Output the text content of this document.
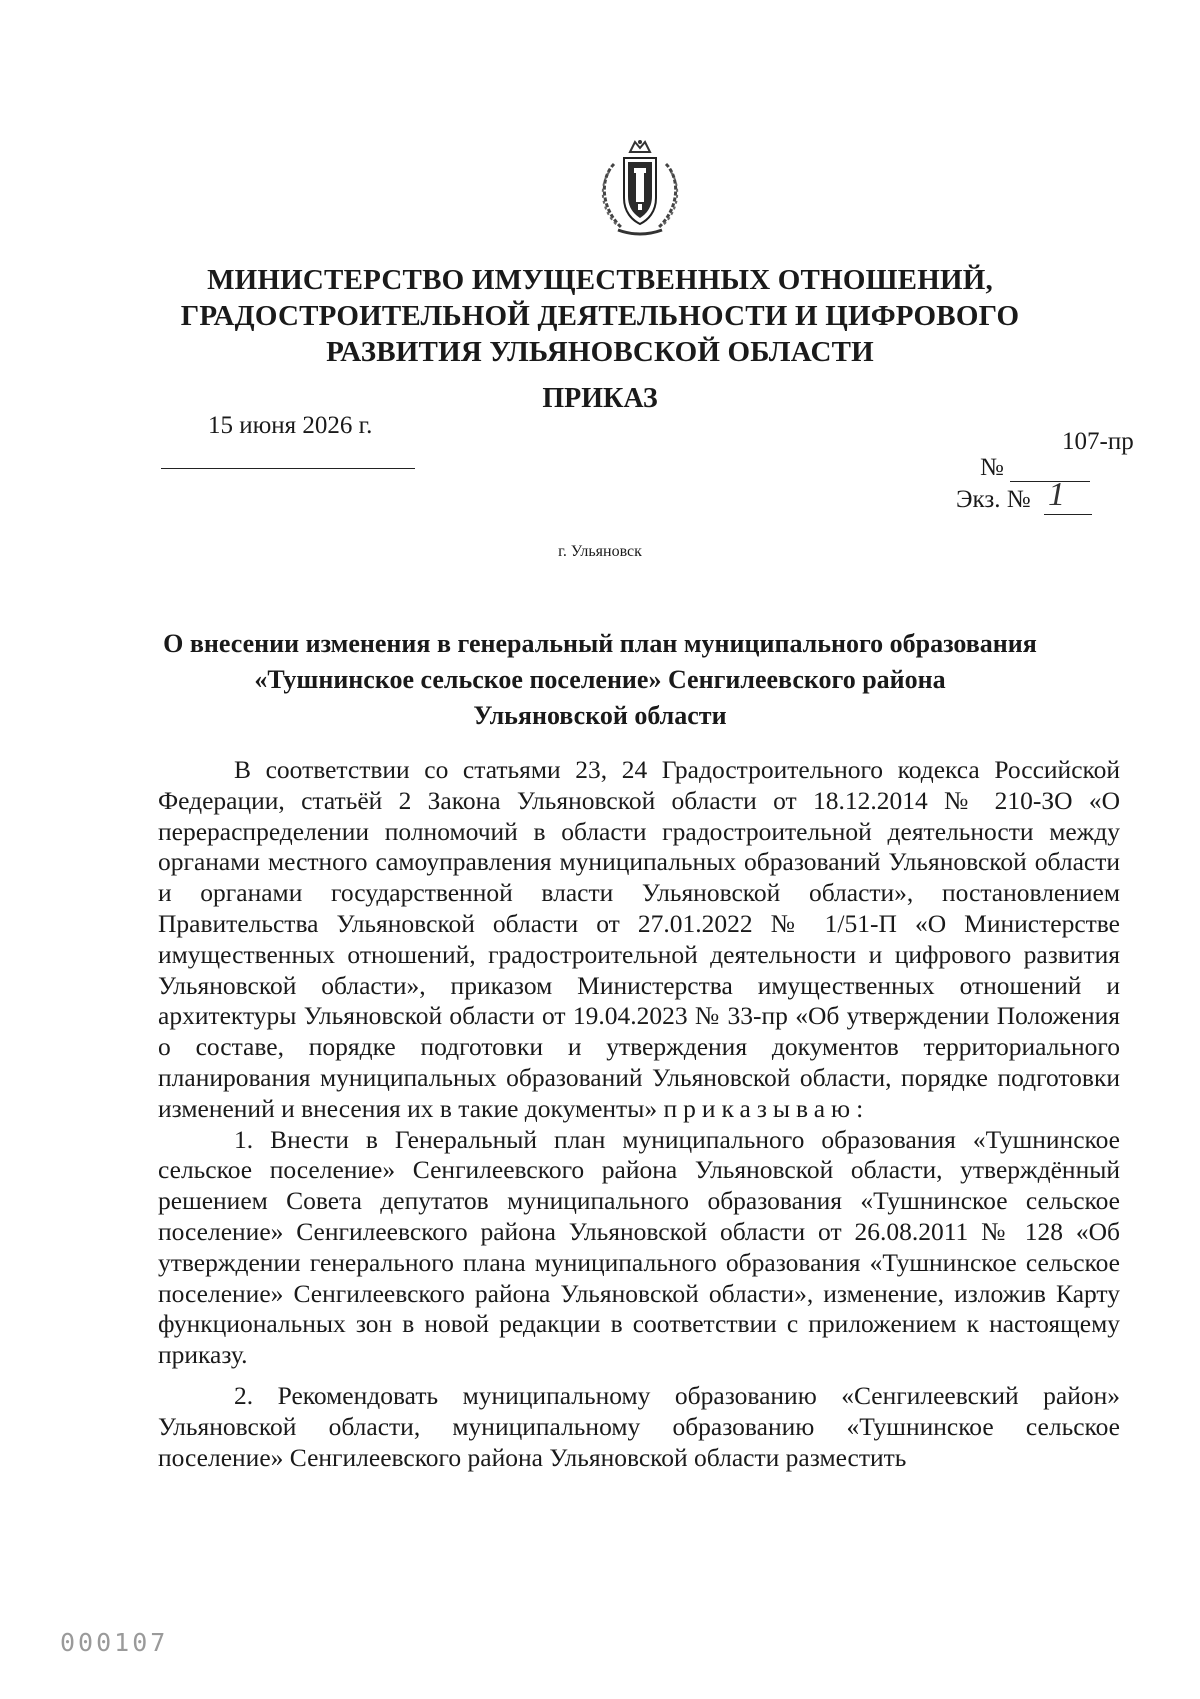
МИНИСТЕРСТВО ИМУЩЕСТВЕННЫХ ОТНОШЕНИЙ,
ГРАДОСТРОИТЕЛЬНОЙ ДЕЯТЕЛЬНОСТИ И ЦИФРОВОГО
РАЗВИТИЯ УЛЬЯНОВСКОЙ ОБЛАСТИ
ПРИКАЗ
15 июня 2026 г.
107-пр
№
Экз. № 1
г. Ульяновск
О внесении изменения в генеральный план муниципального образования
«Тушнинское сельское поселение» Сенгилеевского района
Ульяновской области

В соответствии со статьями 23, 24 Градостроительного кодекса Российской Федерации, статьёй 2 Закона Ульяновской области от 18.12.2014 № 210-ЗО «О перераспределении полномочий в области градостроительной деятельности между органами местного самоуправления муниципальных образований Ульяновской области и органами государственной власти Ульяновской области», постановлением Правительства Ульяновской области от 27.01.2022 № 1/51-П «О Министерстве имущественных отношений, градостроительной деятельности и цифрового развития Ульяновской области», приказом Министерства имущественных отношений и архитектуры Ульяновской области от 19.04.2023 № 33-пр «Об утверждении Положения о составе, порядке подготовки и утверждения документов территориального планирования муниципальных образований Ульяновской области, порядке подготовки изменений и внесения их в такие документы» приказываю:

1. Внести в Генеральный план муниципального образования «Тушнинское сельское поселение» Сенгилеевского района Ульяновской области, утверждённый решением Совета депутатов муниципального образования «Тушнинское сельское поселение» Сенгилеевского района Ульяновской области от 26.08.2011 № 128 «Об утверждении генерального плана муниципального образования «Тушнинское сельское поселение» Сенгилеевского района Ульяновской области», изменение, изложив Карту функциональных зон в новой редакции в соответствии с приложением к настоящему приказу.

2. Рекомендовать муниципальному образованию «Сенгилеевский район» Ульяновской области, муниципальному образованию «Тушнинское сельское поселение» Сенгилеевского района Ульяновской области разместить

000107
